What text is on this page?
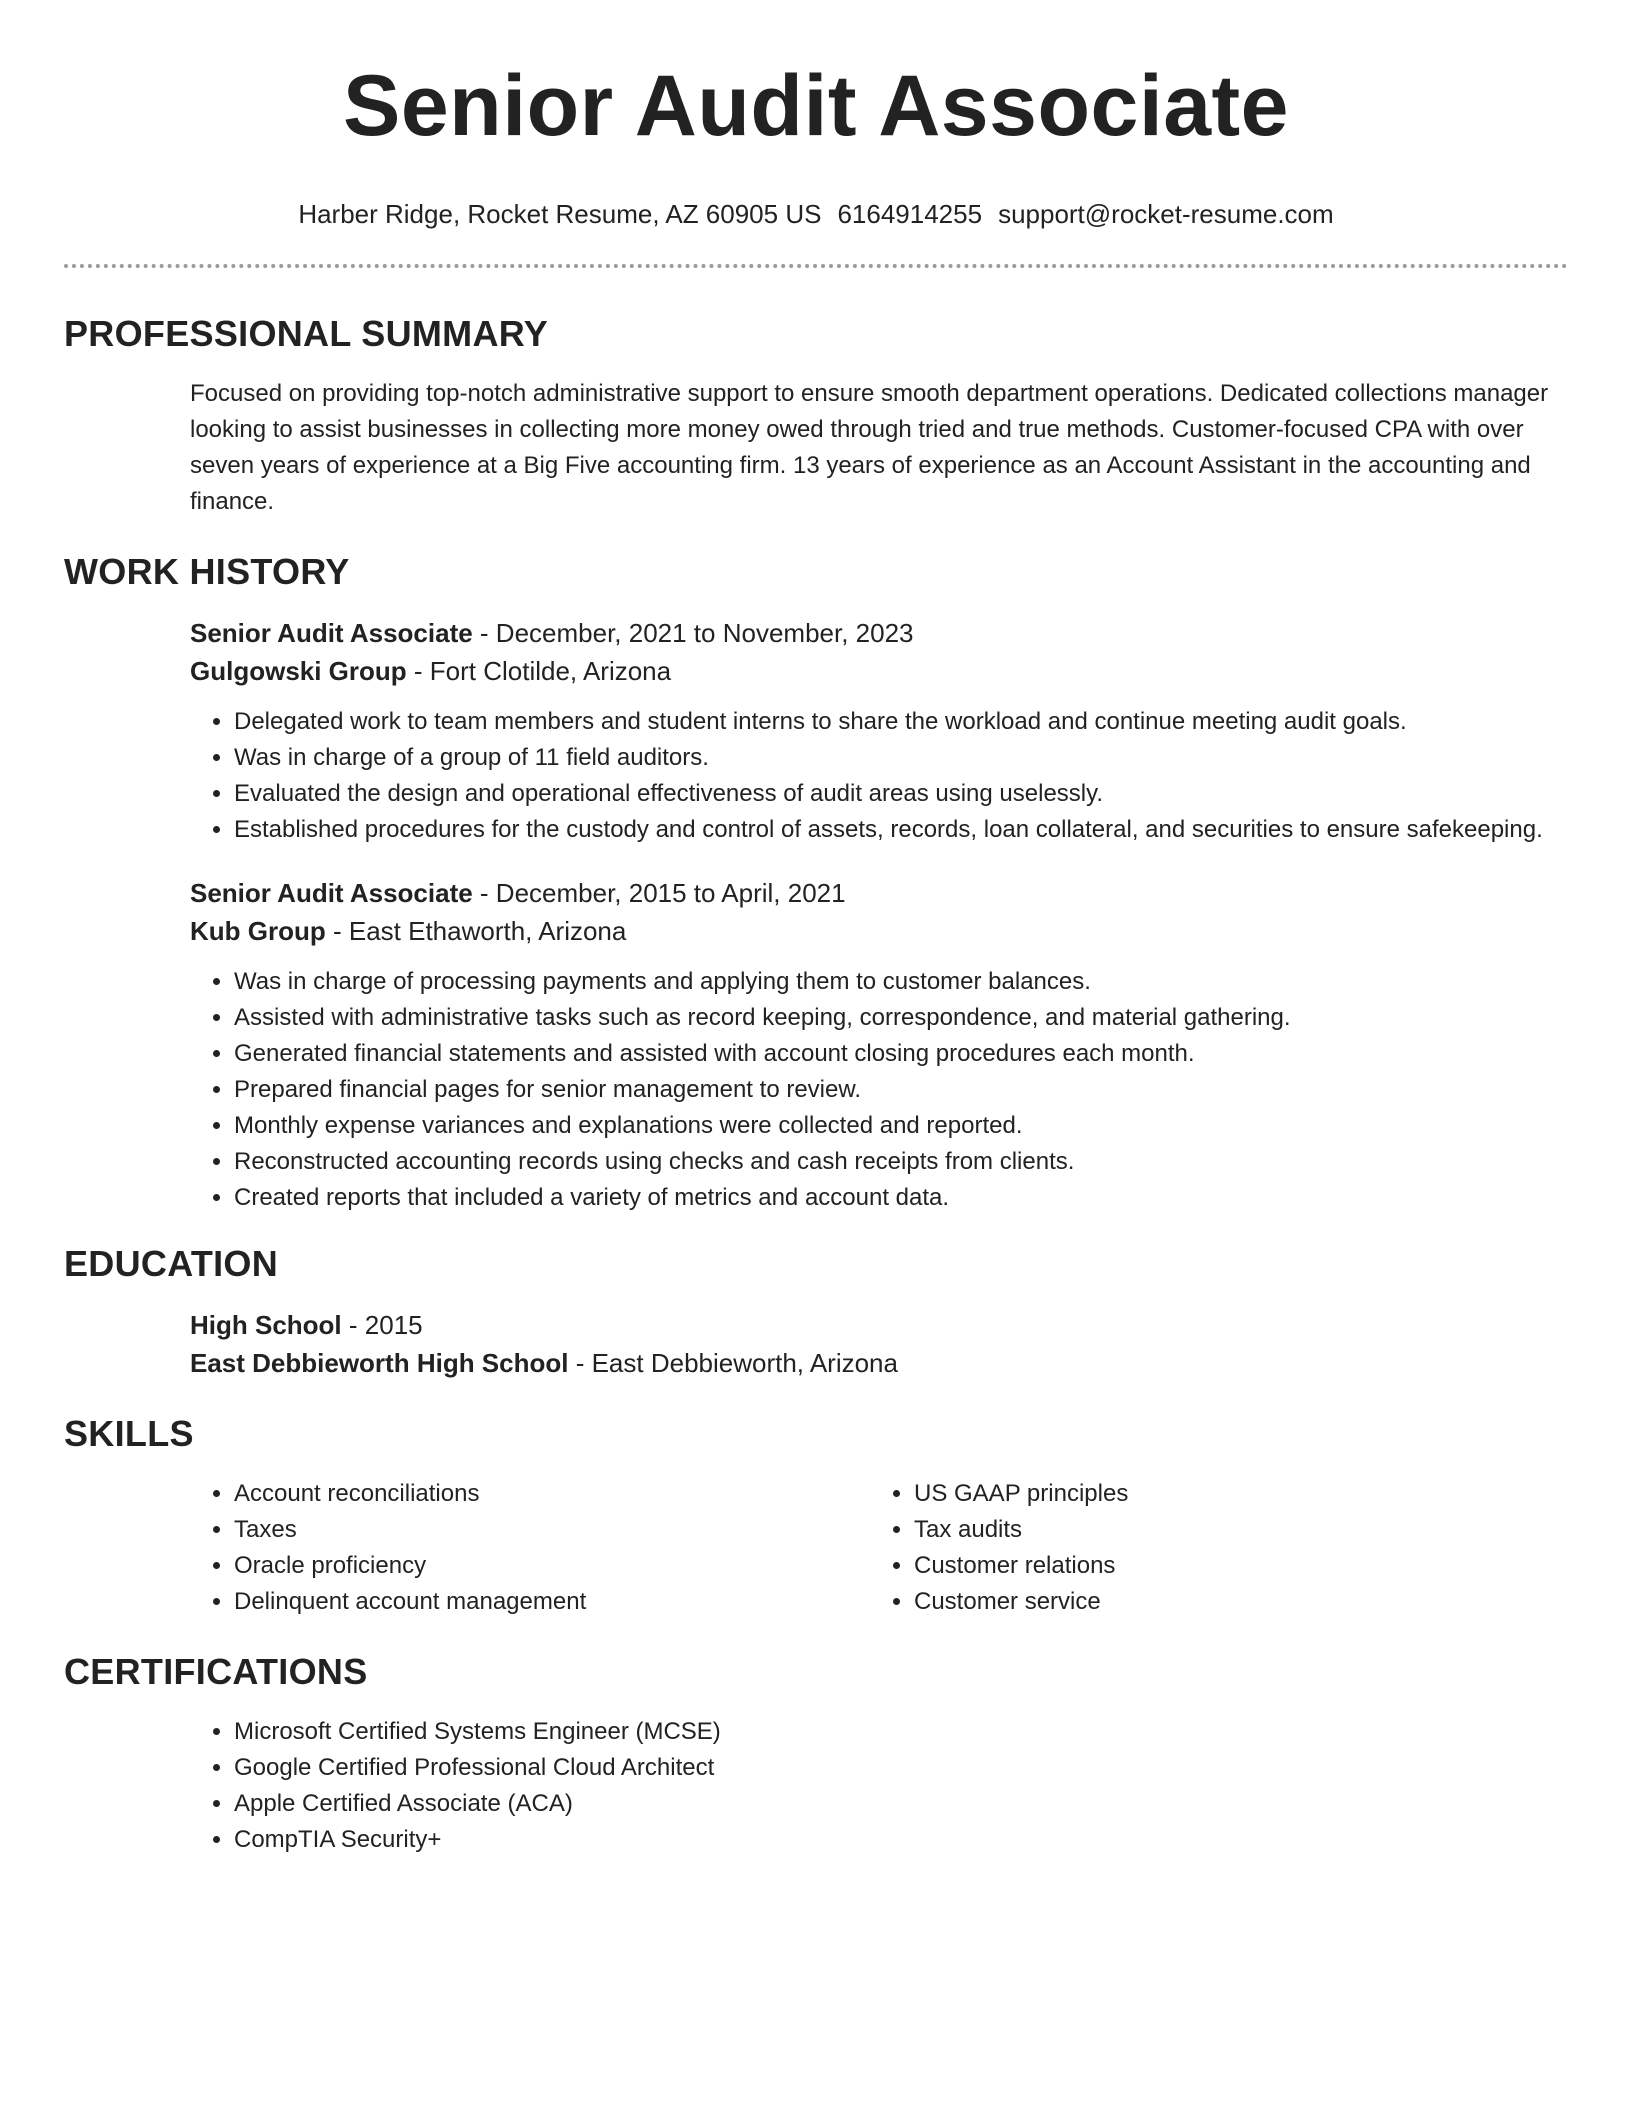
Senior Audit Associate
Harber Ridge, Rocket Resume, AZ 60905 US 6164914255 support@rocket-resume.com
PROFESSIONAL SUMMARY

Focused on providing top-notch administrative support to ensure smooth department operations. Dedicated collections manager looking to assist businesses in collecting more money owed through tried and true methods. Customer-focused CPA with over seven years of experience at a Big Five accounting firm. 13 years of experience as an Account Assistant in the accounting and finance.

WORK HISTORY
Senior Audit Associate - December, 2021 to November, 2023
Gulgowski Group - Fort Clotilde, Arizona
• Delegated work to team members and student interns to share the workload and continue meeting audit goals.
• Was in charge of a group of 11 field auditors.
• Evaluated the design and operational effectiveness of audit areas using uselessly.
• Established procedures for the custody and control of assets, records, loan collateral, and securities to ensure safekeeping.
Senior Audit Associate - December, 2015 to April, 2021
Kub Group - East Ethaworth, Arizona
• Was in charge of processing payments and applying them to customer balances.
• Assisted with administrative tasks such as record keeping, correspondence, and material gathering.
• Generated financial statements and assisted with account closing procedures each month.
• Prepared financial pages for senior management to review.
• Monthly expense variances and explanations were collected and reported.
• Reconstructed accounting records using checks and cash receipts from clients.
• Created reports that included a variety of metrics and account data.
EDUCATION
High School - 2015
East Debbieworth High School - East Debbieworth, Arizona
SKILLS
• Account reconciliations
• Taxes
• Oracle proficiency
• Delinquent account management
• US GAAP principles
• Tax audits
• Customer relations
• Customer service
CERTIFICATIONS
• Microsoft Certified Systems Engineer (MCSE)
• Google Certified Professional Cloud Architect
• Apple Certified Associate (ACA)
• CompTIA Security+
